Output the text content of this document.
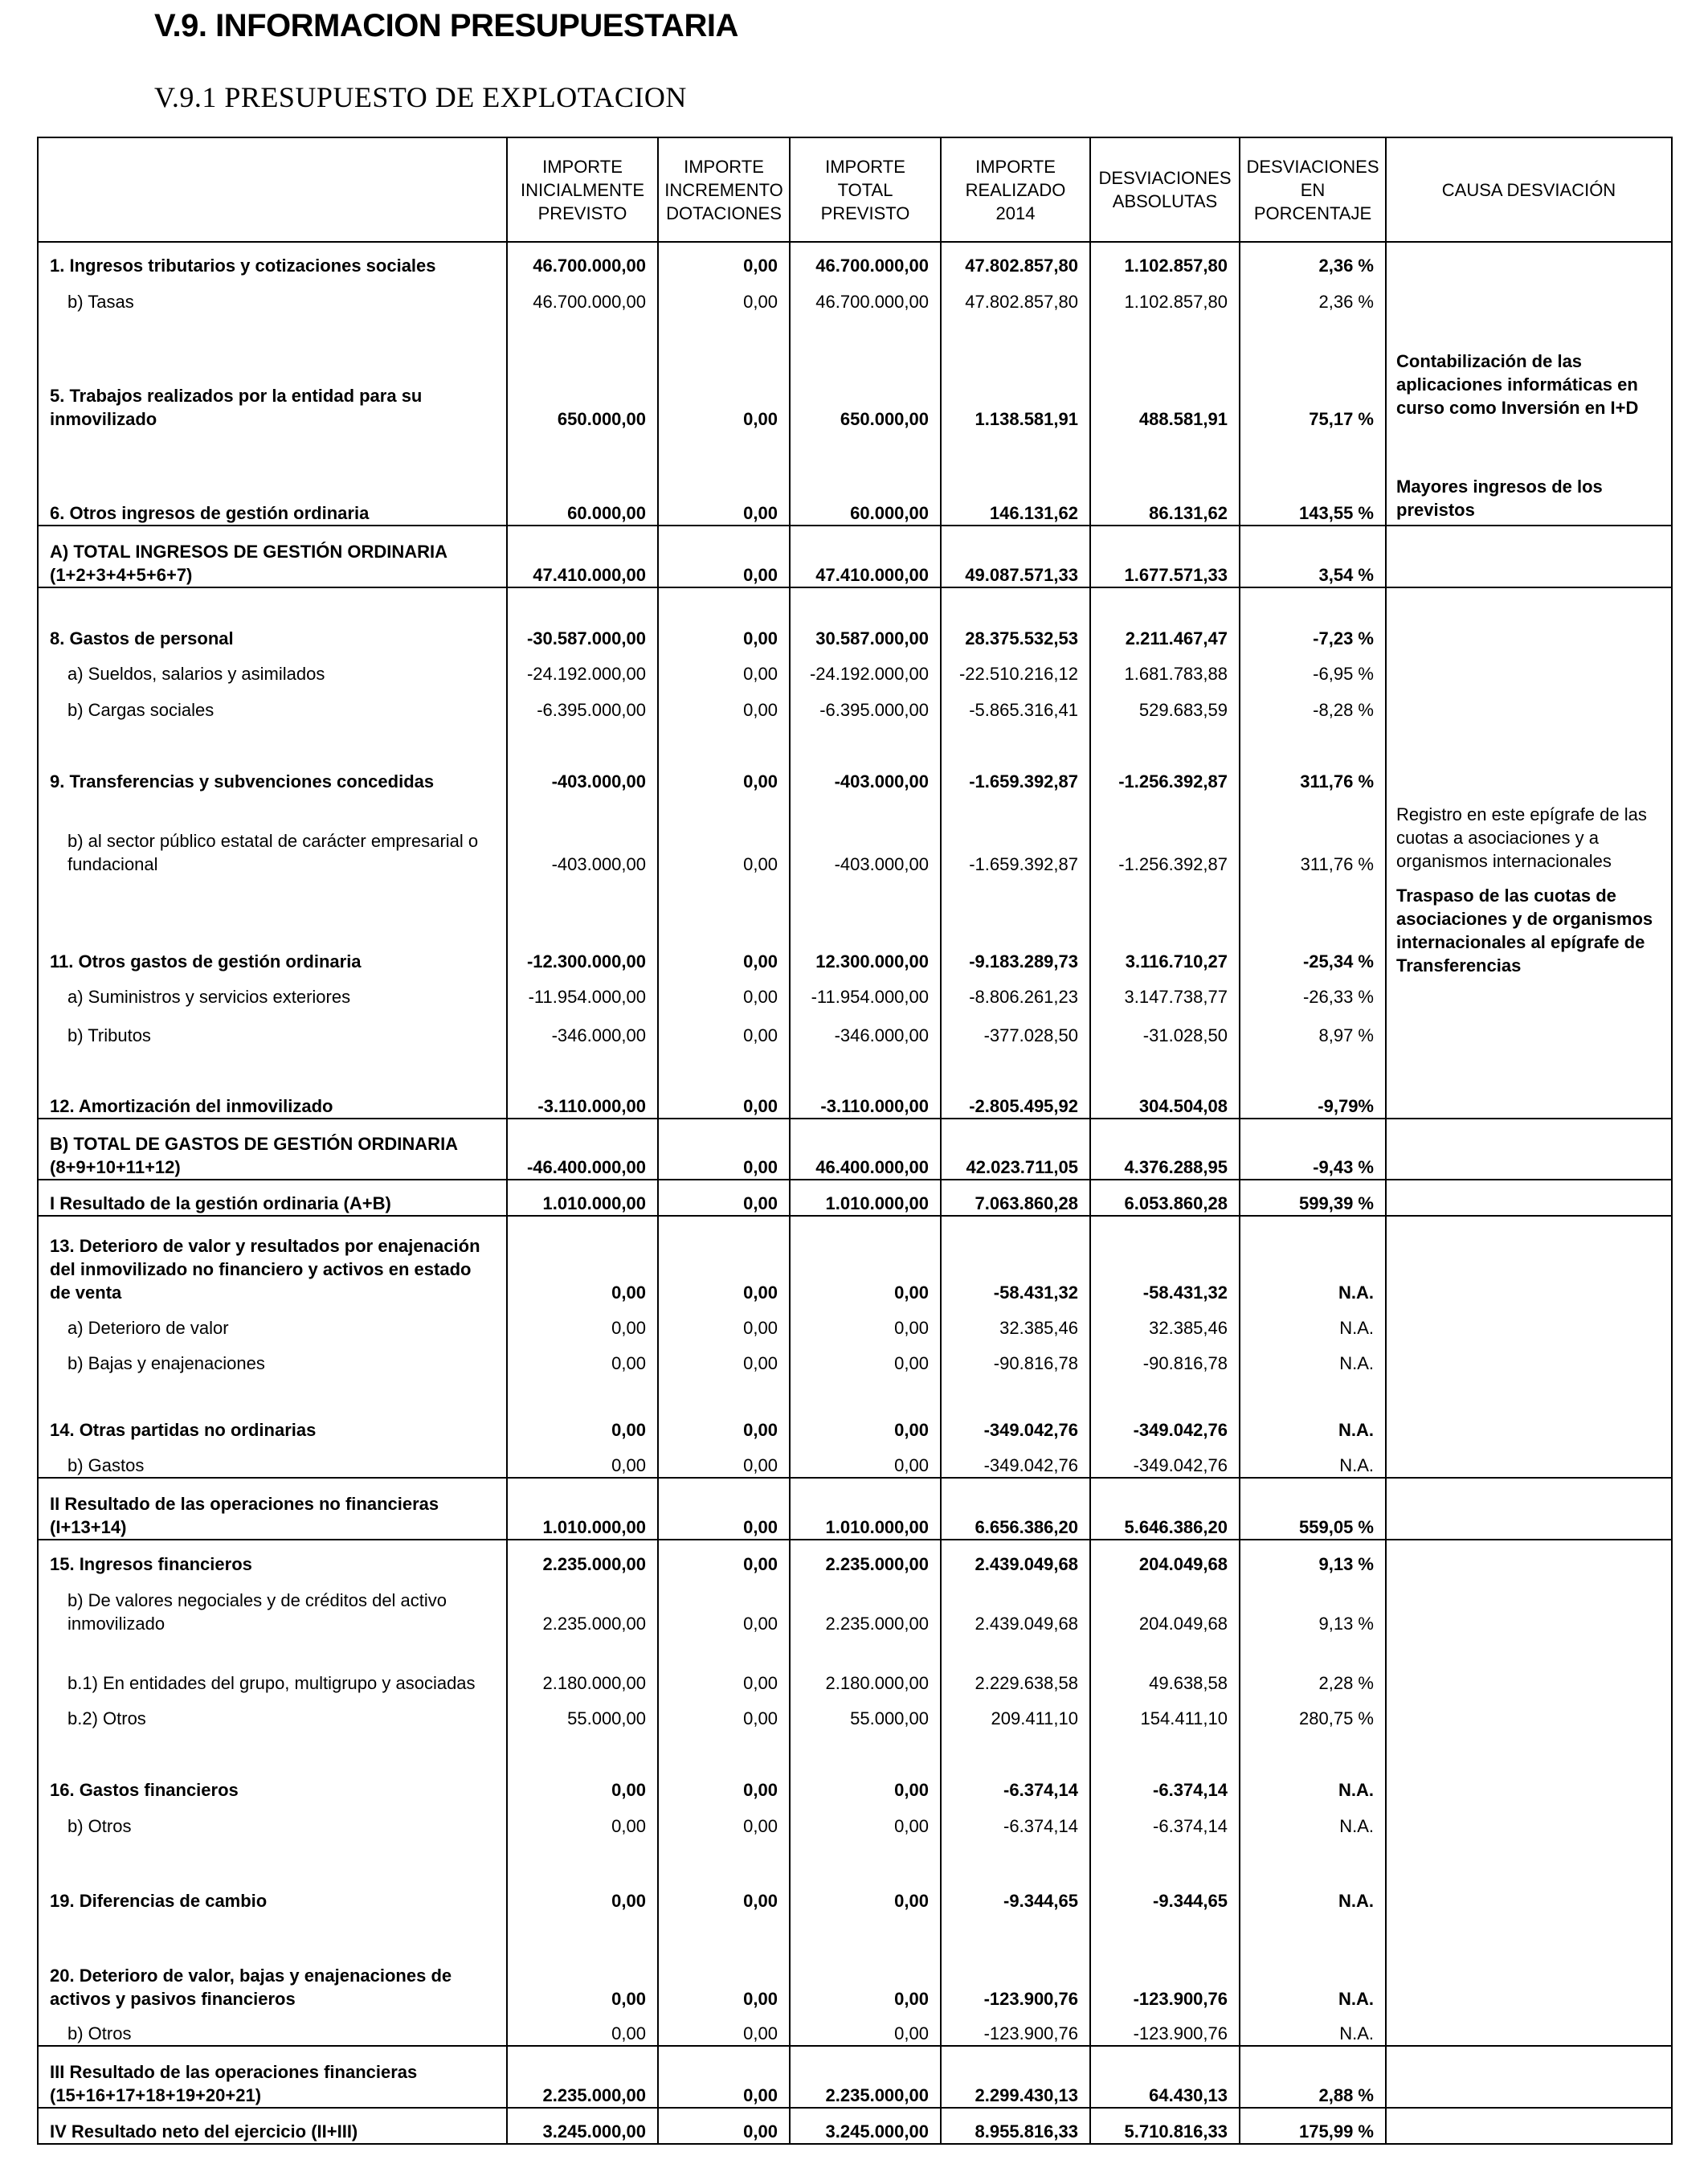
V.9. INFORMACION PRESUPUESTARIA
V.9.1 PRESUPUESTO DE EXPLOTACION
	IMPORTE INICIALMENTE PREVISTO	IMPORTE INCREMENTO DOTACIONES	IMPORTE TOTAL PREVISTO	IMPORTE REALIZADO 2014	DESVIACIONES ABSOLUTAS	DESVIACIONES EN PORCENTAJE	CAUSA DESVIACIÓN
1. Ingresos tributarios y cotizaciones sociales	46.700.000,00	0,00	46.700.000,00	47.802.857,80	1.102.857,80	2,36 %	
b) Tasas	46.700.000,00	0,00	46.700.000,00	47.802.857,80	1.102.857,80	2,36 %	
5. Trabajos realizados por la entidad para su inmovilizado	650.000,00	0,00	650.000,00	1.138.581,91	488.581,91	75,17 %	Contabilización de las aplicaciones informáticas en curso como Inversión en I+D
6. Otros ingresos de gestión ordinaria	60.000,00	0,00	60.000,00	146.131,62	86.131,62	143,55 %	Mayores ingresos de los previstos
A) TOTAL INGRESOS DE GESTIÓN ORDINARIA (1+2+3+4+5+6+7)	47.410.000,00	0,00	47.410.000,00	49.087.571,33	1.677.571,33	3,54 %	
8. Gastos de personal	-30.587.000,00	0,00	30.587.000,00	28.375.532,53	2.211.467,47	-7,23 %	
a) Sueldos, salarios y asimilados	-24.192.000,00	0,00	-24.192.000,00	-22.510.216,12	1.681.783,88	-6,95 %	
b) Cargas sociales	-6.395.000,00	0,00	-6.395.000,00	-5.865.316,41	529.683,59	-8,28 %	
9. Transferencias y subvenciones concedidas	-403.000,00	0,00	-403.000,00	-1.659.392,87	-1.256.392,87	311,76 %	
b) al sector público estatal de carácter empresarial o fundacional	-403.000,00	0,00	-403.000,00	-1.659.392,87	-1.256.392,87	311,76 %	Registro en este epígrafe de las cuotas a asociaciones y a organismos internacionales
11. Otros gastos de gestión ordinaria	-12.300.000,00	0,00	12.300.000,00	-9.183.289,73	3.116.710,27	-25,34 %	Traspaso de las cuotas de asociaciones y de organismos internacionales al epígrafe de Transferencias
a) Suministros y servicios exteriores	-11.954.000,00	0,00	-11.954.000,00	-8.806.261,23	3.147.738,77	-26,33 %	
b) Tributos	-346.000,00	0,00	-346.000,00	-377.028,50	-31.028,50	8,97 %	
12. Amortización del inmovilizado	-3.110.000,00	0,00	-3.110.000,00	-2.805.495,92	304.504,08	-9,79%	
B) TOTAL DE GASTOS DE GESTIÓN ORDINARIA (8+9+10+11+12)	-46.400.000,00	0,00	46.400.000,00	42.023.711,05	4.376.288,95	-9,43 %	
I Resultado de la gestión ordinaria (A+B)	1.010.000,00	0,00	1.010.000,00	7.063.860,28	6.053.860,28	599,39 %	
13. Deterioro de valor y resultados por enajenación del inmovilizado no financiero y activos en estado de venta	0,00	0,00	0,00	-58.431,32	-58.431,32	N.A.	
a) Deterioro de valor	0,00	0,00	0,00	32.385,46	32.385,46	N.A.	
b) Bajas y enajenaciones	0,00	0,00	0,00	-90.816,78	-90.816,78	N.A.	
14. Otras partidas no ordinarias	0,00	0,00	0,00	-349.042,76	-349.042,76	N.A.	
b) Gastos	0,00	0,00	0,00	-349.042,76	-349.042,76	N.A.	
II Resultado de las operaciones no financieras (I+13+14)	1.010.000,00	0,00	1.010.000,00	6.656.386,20	5.646.386,20	559,05 %	
15. Ingresos financieros	2.235.000,00	0,00	2.235.000,00	2.439.049,68	204.049,68	9,13 %	
b) De valores negociales y de créditos del activo inmovilizado	2.235.000,00	0,00	2.235.000,00	2.439.049,68	204.049,68	9,13 %	
b.1) En entidades del grupo, multigrupo y asociadas	2.180.000,00	0,00	2.180.000,00	2.229.638,58	49.638,58	2,28 %	
b.2) Otros	55.000,00	0,00	55.000,00	209.411,10	154.411,10	280,75 %	
16. Gastos financieros	0,00	0,00	0,00	-6.374,14	-6.374,14	N.A.	
b) Otros	0,00	0,00	0,00	-6.374,14	-6.374,14	N.A.	
19. Diferencias de cambio	0,00	0,00	0,00	-9.344,65	-9.344,65	N.A.	
20. Deterioro de valor, bajas y enajenaciones de activos y pasivos financieros	0,00	0,00	0,00	-123.900,76	-123.900,76	N.A.	
b) Otros	0,00	0,00	0,00	-123.900,76	-123.900,76	N.A.	
III Resultado de las operaciones financieras (15+16+17+18+19+20+21)	2.235.000,00	0,00	2.235.000,00	2.299.430,13	64.430,13	2,88 %	
IV Resultado neto del ejercicio (II+III)	3.245.000,00	0,00	3.245.000,00	8.955.816,33	5.710.816,33	175,99 %	
